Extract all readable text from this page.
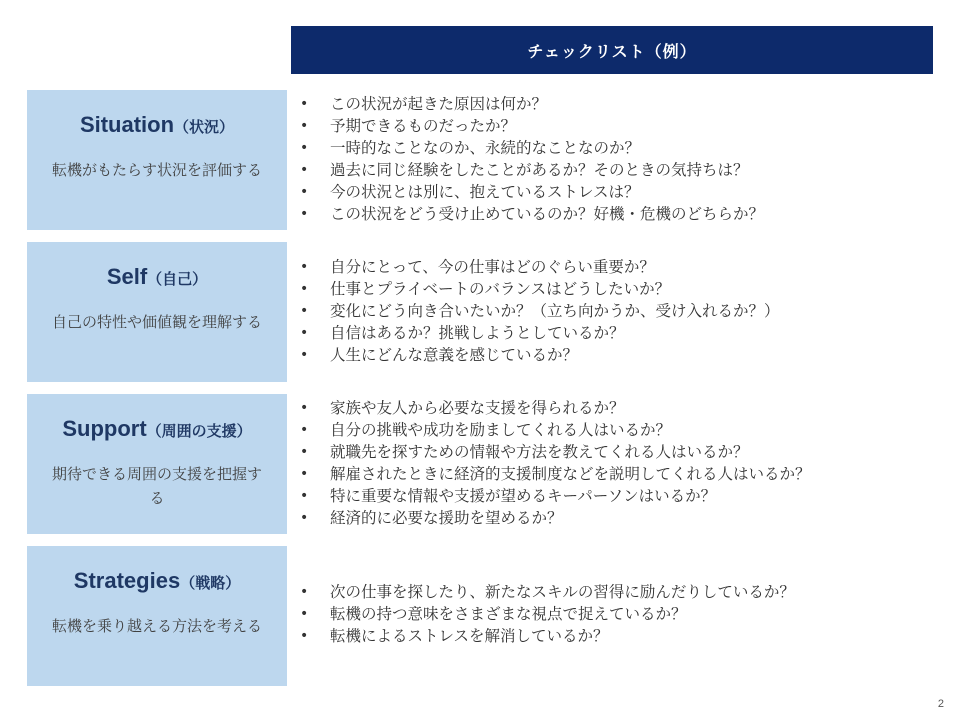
チェックリスト（例）
Situation（状況）
転機がもたらす状況を評価する
• この状況が起きた原因は何か？
• 予期できるものだったか？
• 一時的なことなのか、永続的なことなのか？
• 過去に同じ経験をしたことがあるか？そのときの気持ちは？
• 今の状況とは別に、抱えているストレスは？
• この状況をどう受け止めているのか？好機・危機のどちらか？
Self（自己）
自己の特性や価値観を理解する
• 自分にとって、今の仕事はどのぐらい重要か？
• 仕事とプライベートのバランスはどうしたいか？
• 変化にどう向き合いたいか？（立ち向かうか、受け入れるか？）
• 自信はあるか？挑戦しようとしているか？
• 人生にどんな意義を感じているか？
Support（周囲の支援）
期待できる周囲の支援を把握する
• 家族や友人から必要な支援を得られるか？
• 自分の挑戦や成功を励ましてくれる人はいるか？
• 就職先を探すための情報や方法を教えてくれる人はいるか？
• 解雇されたときに経済的支援制度などを説明してくれる人はいるか？
• 特に重要な情報や支援が望めるキーパーソンはいるか？
• 経済的に必要な援助を望めるか？
Strategies（戦略）
転機を乗り越える方法を考える
• 次の仕事を探したり、新たなスキルの習得に励んだりしているか？
• 転機の持つ意味をさまざまな視点で捉えているか？
• 転機によるストレスを解消しているか？
2
